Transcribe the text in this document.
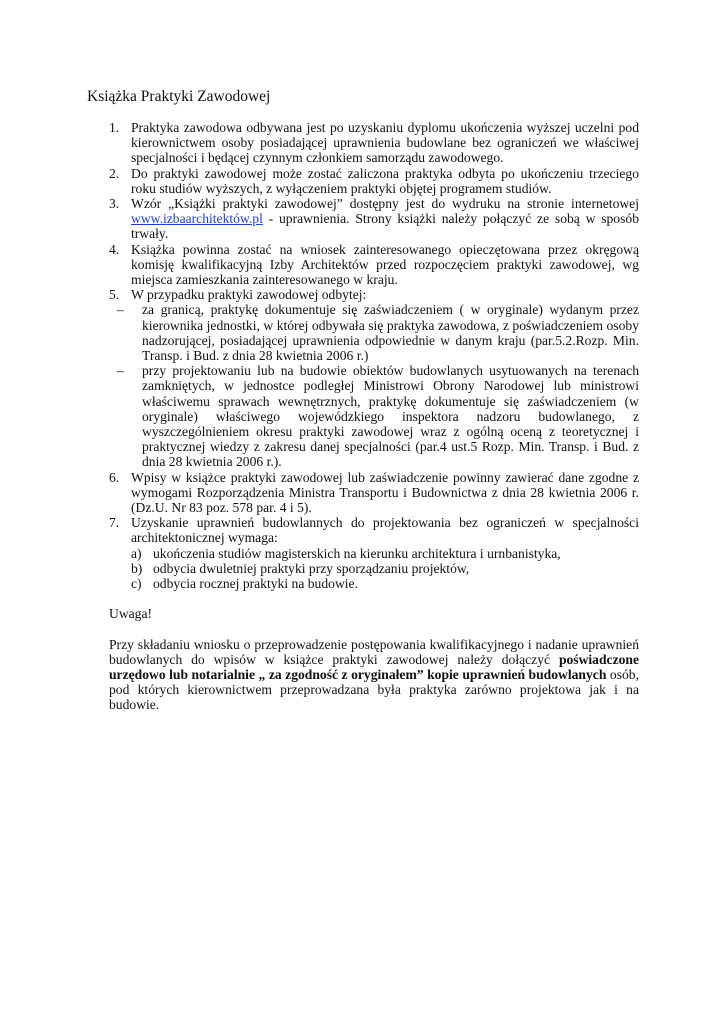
Książka Praktyki Zawodowej
1. Praktyka zawodowa odbywana jest po uzyskaniu dyplomu ukończenia wyższej uczelni pod kierownictwem osoby posiadającej uprawnienia budowlane bez ograniczeń we właściwej specjalności i będącej czynnym członkiem samorządu zawodowego.
2. Do praktyki zawodowej może zostać zaliczona praktyka odbyta po ukończeniu trzeciego roku studiów wyższych, z wyłączeniem praktyki objętej programem studiów.
3. Wzór „Książki praktyki zawodowej” dostępny jest do wydruku na stronie internetowej www.izbaarchitektów.pl - uprawnienia. Strony książki należy połączyć ze sobą w sposób trwały.
4. Książka powinna zostać na wniosek zainteresowanego opieczętowana przez okręgową komisję kwalifikacyjną Izby Architektów przed rozpoczęciem praktyki zawodowej, wg miejsca zamieszkania zainteresowanego w kraju.
5. W przypadku praktyki zawodowej odbytej:
– za granicą, praktykę dokumentuje się zaświadczeniem ( w oryginale) wydanym przez kierownika jednostki, w której odbywała się praktyka zawodowa, z poświadczeniem osoby nadzorującej, posiadającej uprawnienia odpowiednie w danym kraju (par.5.2.Rozp. Min. Transp. i Bud. z dnia 28 kwietnia 2006 r.)
– przy projektowaniu lub na budowie obiektów budowlanych usytuowanych na terenach zamkniętych, w jednostce podległej Ministrowi Obrony Narodowej lub ministrowi właściwemu sprawach wewnętrznych, praktykę dokumentuje się zaświadczeniem (w oryginale) właściwego wojewódzkiego inspektora nadzoru budowlanego, z wyszczególnieniem okresu praktyki zawodowej wraz z ogólną oceną z teoretycznej i praktycznej wiedzy z zakresu danej specjalności (par.4 ust.5 Rozp. Min. Transp. i Bud. z dnia 28 kwietnia 2006 r.).
6. Wpisy w książce praktyki zawodowej lub zaświadczenie powinny zawierać dane zgodne z wymogami Rozporządzenia Ministra Transportu i Budownictwa z dnia 28 kwietnia 2006 r. (Dz.U. Nr 83 poz. 578 par. 4 i 5).
7. Uzyskanie uprawnień budowlannych do projektowania bez ograniczeń w specjalności architektonicznej wymaga:
a) ukończenia studiów magisterskich na kierunku architektura i urnbanistyka,
b) odbycia dwuletniej praktyki przy sporządzaniu projektów,
c) odbycia rocznej praktyki na budowie.
Uwaga!
Przy składaniu wniosku o przeprowadzenie postępowania kwalifikacyjnego i nadanie uprawnień budowlanych do wpisów w książce praktyki zawodowej należy dołączyć poświadczone urzędowo lub notarialnie „ za zgodność z oryginałem” kopie uprawnień budowlanych osób, pod których kierownictwem przeprowadzana była praktyka zarówno projektowa jak i na budowie.
